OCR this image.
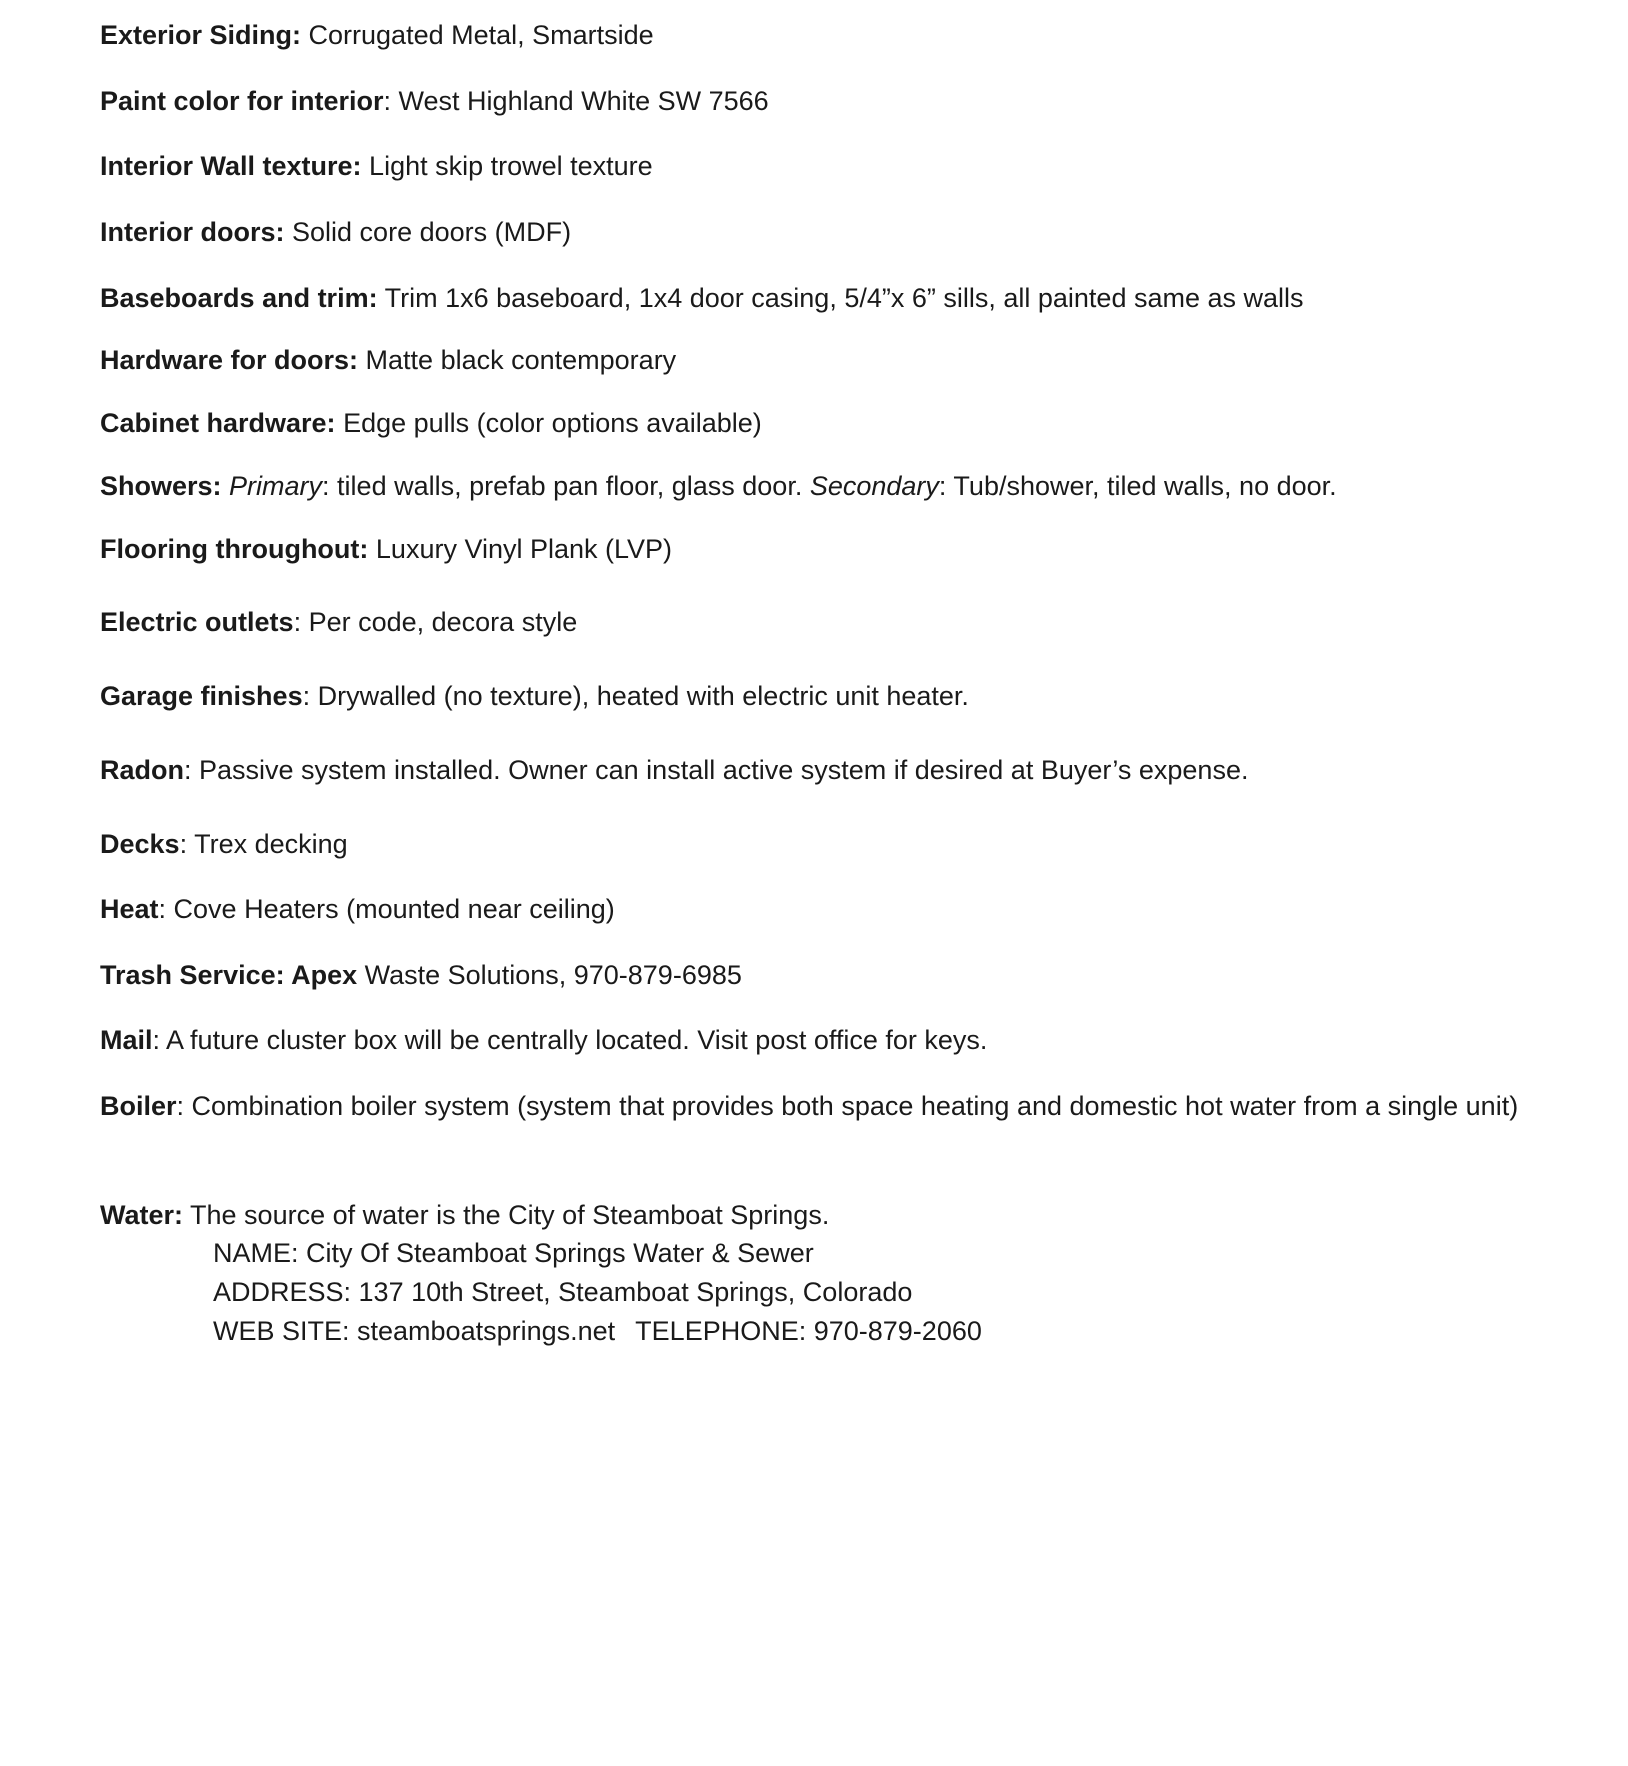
Exterior Siding: Corrugated Metal, Smartside
Paint color for interior: West Highland White SW 7566
Interior Wall texture: Light skip trowel texture
Interior doors: Solid core doors (MDF)
Baseboards and trim: Trim 1x6 baseboard, 1x4 door casing, 5/4”x 6” sills, all painted same as walls
Hardware for doors: Matte black contemporary
Cabinet hardware: Edge pulls (color options available)
Showers: Primary: tiled walls, prefab pan floor, glass door. Secondary: Tub/shower, tiled walls, no door.
Flooring throughout: Luxury Vinyl Plank (LVP)
Electric outlets: Per code, decora style
Garage finishes: Drywalled (no texture), heated with electric unit heater.
Radon: Passive system installed. Owner can install active system if desired at Buyer’s expense.
Decks: Trex decking
Heat: Cove Heaters (mounted near ceiling)
Trash Service: Apex Waste Solutions, 970-879-6985
Mail: A future cluster box will be centrally located. Visit post office for keys.
Boiler: Combination boiler system (system that provides both space heating and domestic hot water from a single unit)
Water: The source of water is the City of Steamboat Springs.
NAME: City Of Steamboat Springs Water & Sewer
ADDRESS: 137 10th Street, Steamboat Springs, Colorado
WEB SITE: steamboatsprings.net TELEPHONE: 970-879-2060
